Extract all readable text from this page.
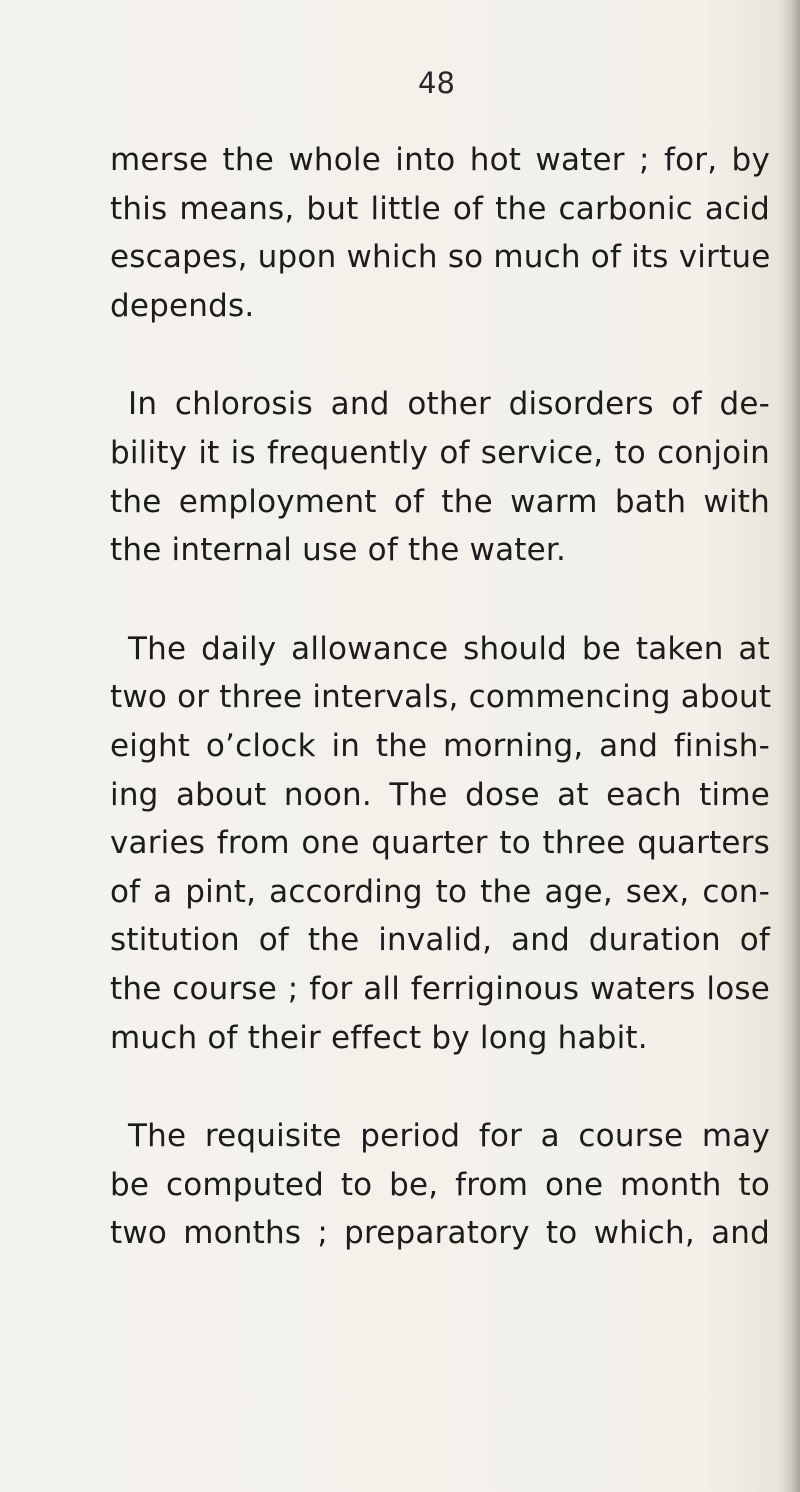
48
merse the whole into hot water ; for, by
this means, but little of the carbonic acid
escapes, upon which so much of its virtue
depends.
In chlorosis and other disorders of de-
bility it is frequently of service, to conjoin
the employment of the warm bath with
the internal use of the water.
The daily allowance should be taken at
two or three intervals, commencing about
eight o’clock in the morning, and finish-
ing about noon. The dose at each time
varies from one quarter to three quarters
of a pint, according to the age, sex, con-
stitution of the invalid, and duration of
the course ; for all ferriginous waters lose
much of their effect by long habit.
The requisite period for a course may
be computed to be, from one month to
two months ; preparatory to which, and
